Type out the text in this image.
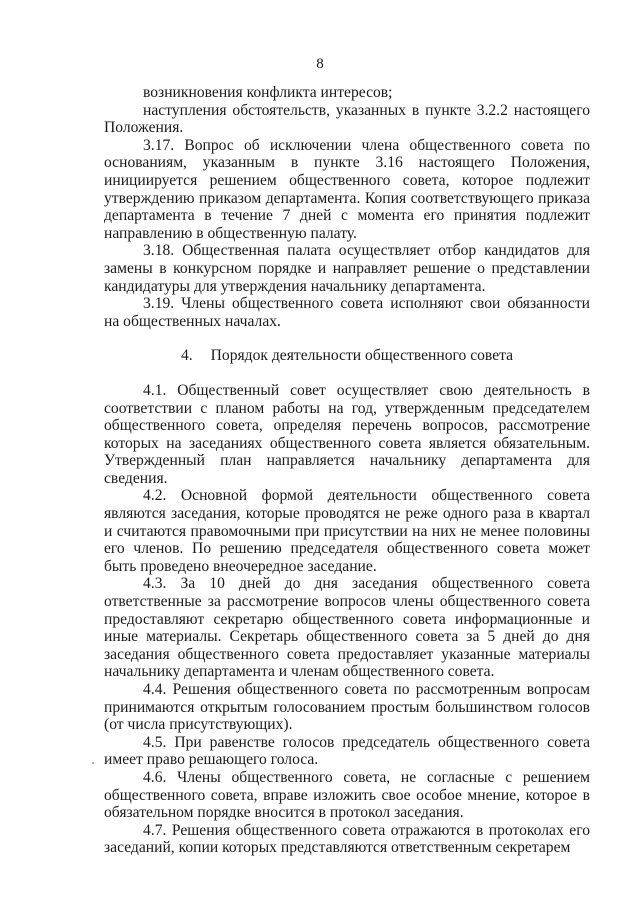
8

возникновения конфликта интересов;

наступления обстоятельств, указанных в пункте 3.2.2 настоящего Положения.

3.17. Вопрос об исключении члена общественного совета по основаниям, указанным в пункте 3.16 настоящего Положения, инициируется решением общественного совета, которое подлежит утверждению приказом департамента. Копия соответствующего приказа департамента в течение 7 дней с момента его принятия подлежит направлению в общественную палату.

3.18. Общественная палата осуществляет отбор кандидатов для замены в конкурсном порядке и направляет решение о представлении кандидатуры для утверждения начальнику департамента.

3.19. Члены общественного совета исполняют свои обязанности на общественных началах.

4. Порядок деятельности общественного совета

4.1. Общественный совет осуществляет свою деятельность в соответствии с планом работы на год, утвержденным председателем общественного совета, определяя перечень вопросов, рассмотрение которых на заседаниях общественного совета является обязательным. Утвержденный план направляется начальнику департамента для сведения.

4.2. Основной формой деятельности общественного совета являются заседания, которые проводятся не реже одного раза в квартал и считаются правомочными при присутствии на них не менее половины его членов. По решению председателя общественного совета может быть проведено внеочередное заседание.

4.3. За 10 дней до дня заседания общественного совета ответственные за рассмотрение вопросов члены общественного совета предоставляют секретарю общественного совета информационные и иные материалы. Секретарь общественного совета за 5 дней до дня заседания общественного совета предоставляет указанные материалы начальнику департамента и членам общественного совета.

4.4. Решения общественного совета по рассмотренным вопросам принимаются открытым голосованием простым большинством голосов (от числа присутствующих).

4.5. При равенстве голосов председатель общественного совета имеет право решающего голоса.

4.6. Члены общественного совета, не согласные с решением общественного совета, вправе изложить свое особое мнение, которое в обязательном порядке вносится в протокол заседания.

4.7. Решения общественного совета отражаются в протоколах его заседаний, копии которых представляются ответственным секретарем
